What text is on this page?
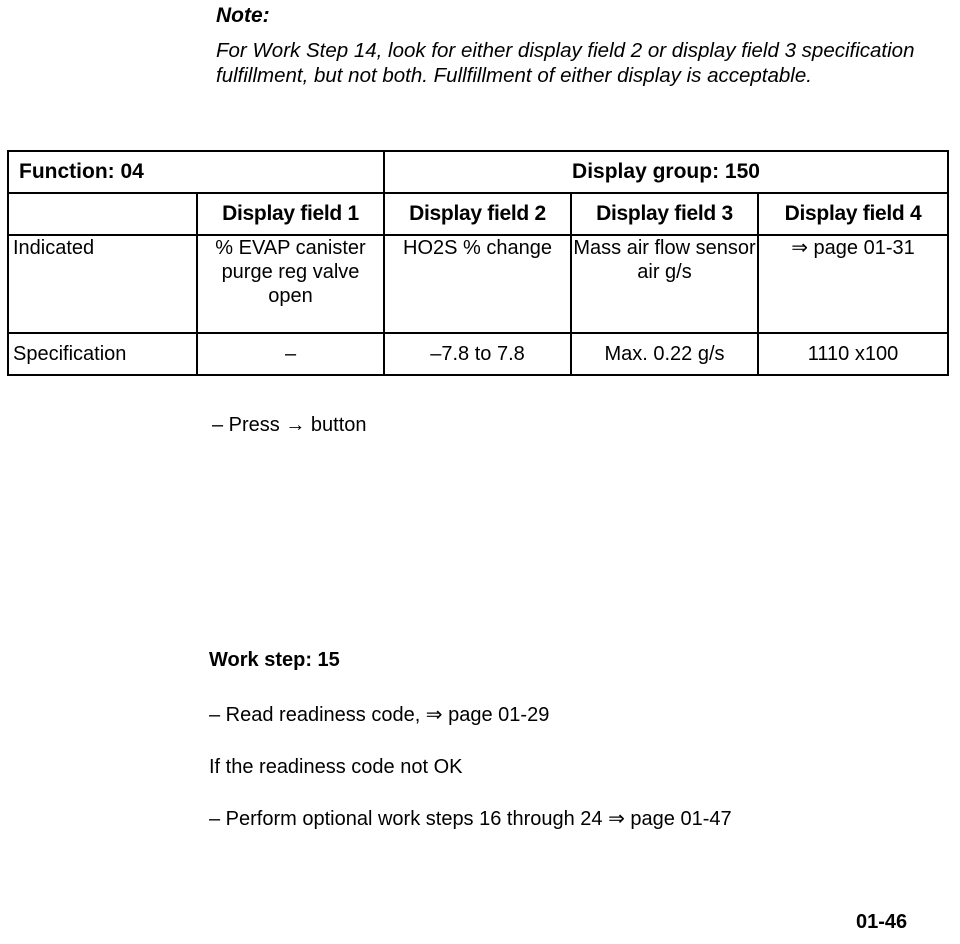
Note:
For Work Step 14, look for either display field 2 or display field 3 specification fulfillment, but not both. Fullfillment of either display is acceptable.
Function: 04		Display group: 150		
	Display field 1	Display field 2	Display field 3	Display field 4
Indicated	% EVAP canister purge reg valve open	HO2S % change	Mass air flow sensor air g/s	⇒ page 01-31
Specification	–	–7.8 to 7.8	Max. 0.22 g/s	1110 x100
– Press → button
Work step: 15
– Read readiness code, ⇒ page 01-29
If the readiness code not OK
– Perform optional work steps 16 through 24 ⇒ page 01-47
01-46
